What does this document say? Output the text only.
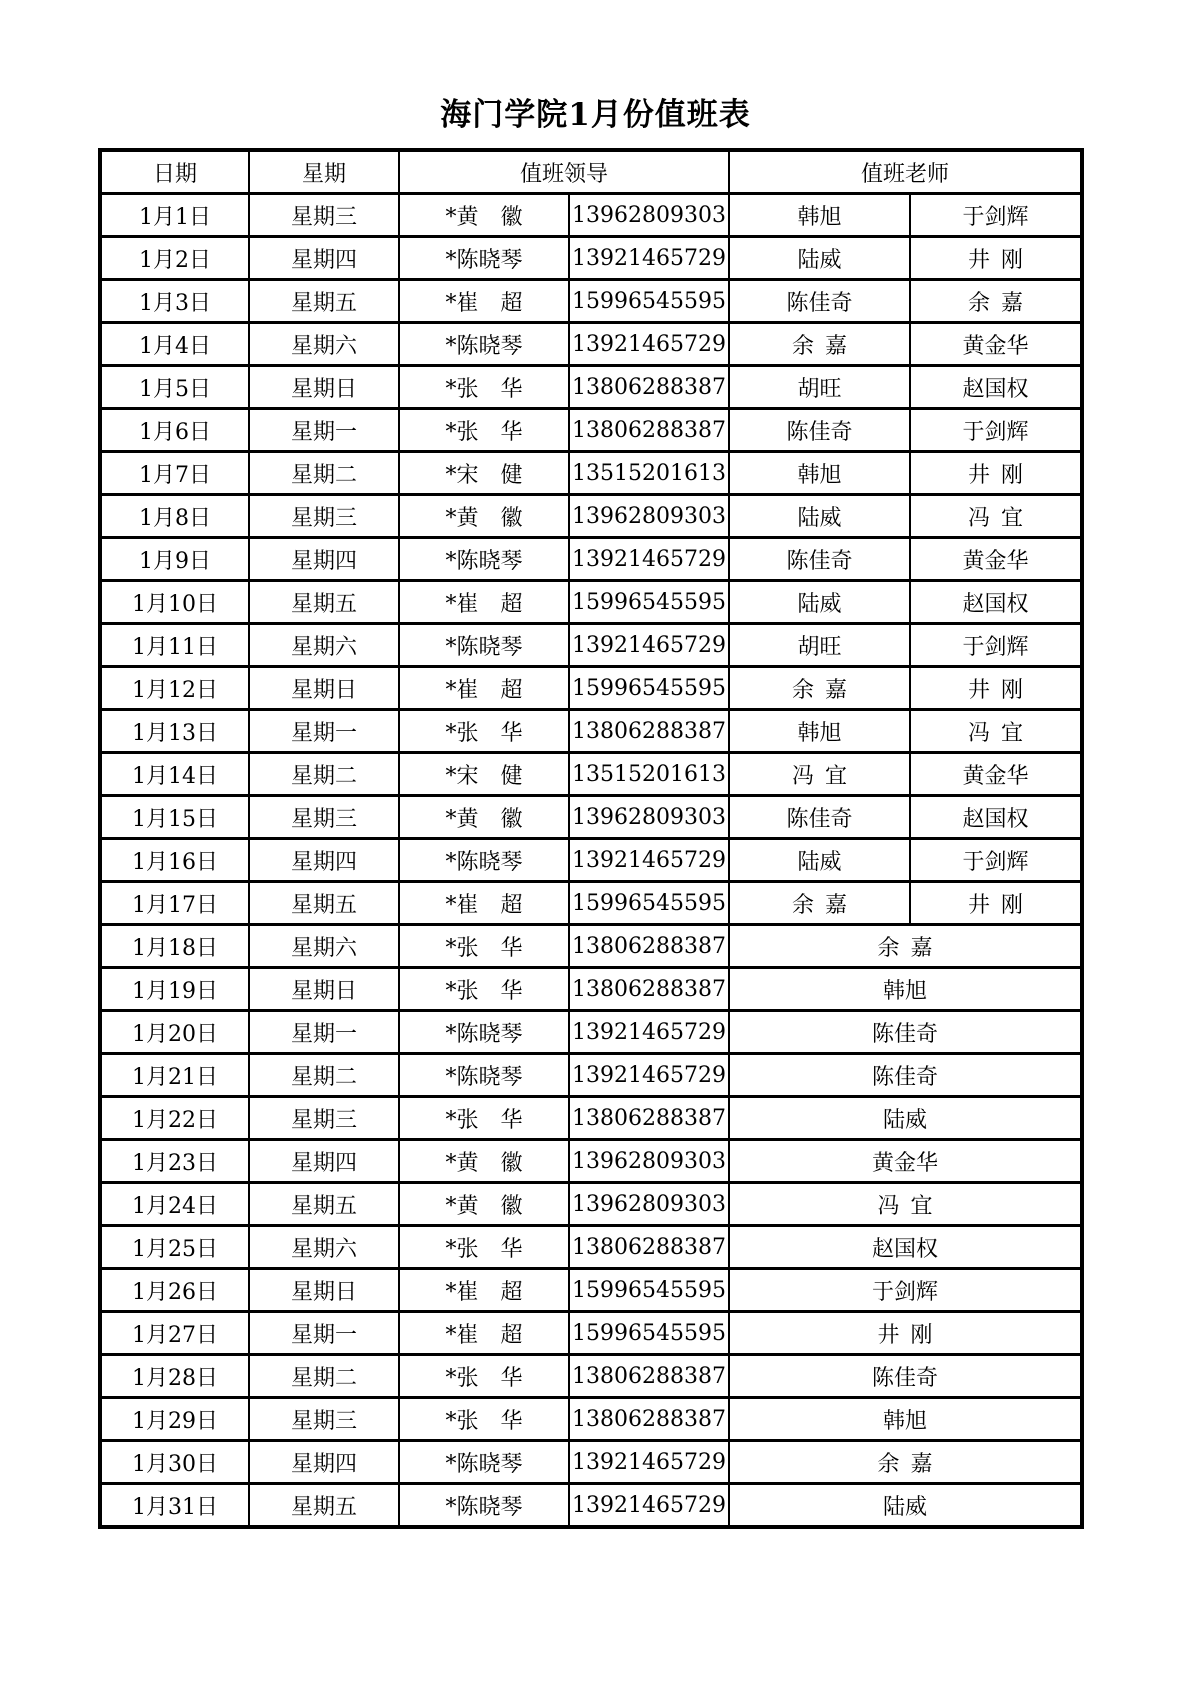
海门学院1月份值班表
日期	星期	值班领导		值班老师	
1月1日	星期三	*黄　徽	13962809303	韩旭	于剑辉
1月2日	星期四	*陈晓琴	13921465729	陆威	井 刚
1月3日	星期五	*崔　超	15996545595	陈佳奇	余 嘉
1月4日	星期六	*陈晓琴	13921465729	余 嘉	黄金华
1月5日	星期日	*张　华	13806288387	胡旺	赵国权
1月6日	星期一	*张　华	13806288387	陈佳奇	于剑辉
1月7日	星期二	*宋　健	13515201613	韩旭	井 刚
1月8日	星期三	*黄　徽	13962809303	陆威	冯 宜
1月9日	星期四	*陈晓琴	13921465729	陈佳奇	黄金华
1月10日	星期五	*崔　超	15996545595	陆威	赵国权
1月11日	星期六	*陈晓琴	13921465729	胡旺	于剑辉
1月12日	星期日	*崔　超	15996545595	余 嘉	井 刚
1月13日	星期一	*张　华	13806288387	韩旭	冯 宜
1月14日	星期二	*宋　健	13515201613	冯 宜	黄金华
1月15日	星期三	*黄　徽	13962809303	陈佳奇	赵国权
1月16日	星期四	*陈晓琴	13921465729	陆威	于剑辉
1月17日	星期五	*崔　超	15996545595	余 嘉	井 刚
1月18日	星期六	*张　华	13806288387	余 嘉	
1月19日	星期日	*张　华	13806288387	韩旭	
1月20日	星期一	*陈晓琴	13921465729	陈佳奇	
1月21日	星期二	*陈晓琴	13921465729	陈佳奇	
1月22日	星期三	*张　华	13806288387	陆威	
1月23日	星期四	*黄　徽	13962809303	黄金华	
1月24日	星期五	*黄　徽	13962809303	冯 宜	
1月25日	星期六	*张　华	13806288387	赵国权	
1月26日	星期日	*崔　超	15996545595	于剑辉	
1月27日	星期一	*崔　超	15996545595	井 刚	
1月28日	星期二	*张　华	13806288387	陈佳奇	
1月29日	星期三	*张　华	13806288387	韩旭	
1月30日	星期四	*陈晓琴	13921465729	余 嘉	
1月31日	星期五	*陈晓琴	13921465729	陆威	
